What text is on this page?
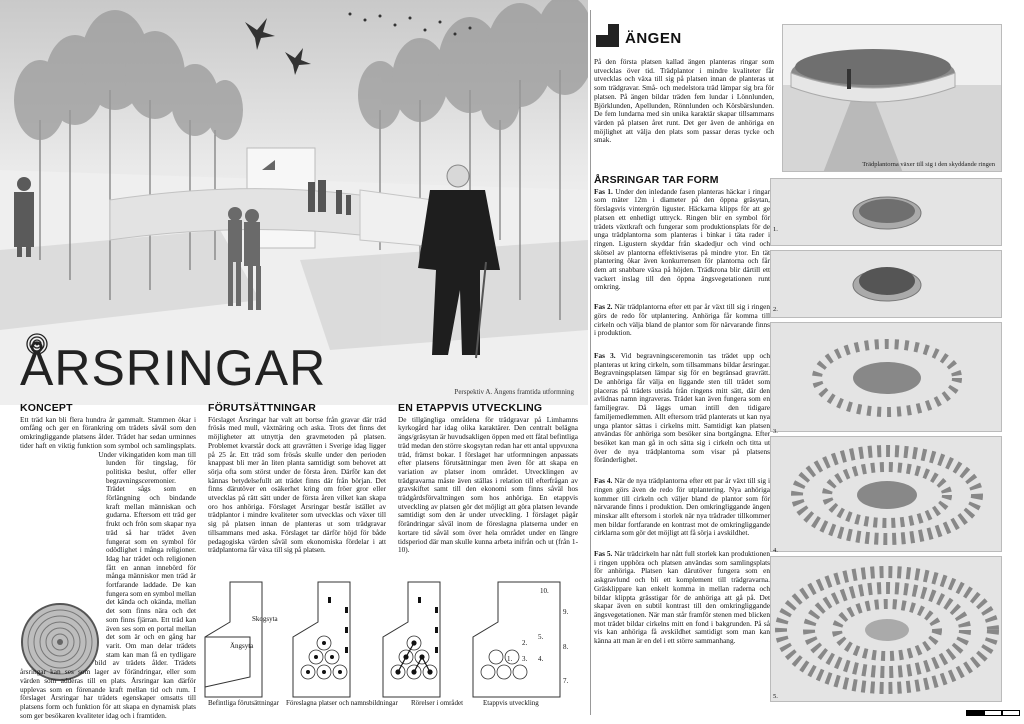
Perspektiv A. Ängens framtida utformning
ÅRSRINGAR
KONCEPT
Ett träd kan bli flera hundra år gammalt. Stammen ökar i omfång och ger en förankring om trädets såväl som den omkringliggande platsens ålder. Trädet har sedan urminnes tider haft en viktig funktion som symbol och samlingsplats. Under vikingatiden kom man till lunden för tingslag, för politiska beslut, offer eller begravningsceremonier. Trädet sågs som en förlängning och bindande kraft mellan människan och gudarna. Eftersom ett träd ger frukt och frön som skapar nya träd så har trädet även fungerat som en symbol för odödlighet i många religioner. Idag har trädet och religionen fått en annan innebörd för många människor men träd är fortfarande laddade. De kan fungera som en symbol mellan det kända och okända, mellan det som finns nära och det som finns fjärran. Ett träd kan även ses som en portal mellan det som är och en gång har varit. Om man delar trädets stam kan man få en tydligare bild av trädets ålder. Trädets årsringar kan ses som lager av förändringar, eller som värden som adderas till en plats. Årsringar kan därför upplevas som en förenande kraft mellan tid och rum. I förslaget Årsringar har trädets egenskaper omsatts till platsens form och funktion för att skapa en dynamisk plats som ger besökaren kvaliteter idag och i framtiden.
FÖRUTSÄTTNINGAR
Förslaget Årsringar har valt att bortse från gravar där träd frösås med mull, växtnäring och aska. Trots det finns det möjligheter att utnyttja den gravmetoden på platsen. Problemet kvarstår dock att gravrätten i Sverige idag ligger på 25 år. Ett träd som frösås skulle under den perioden knappast bli mer än liten planta samtidigt som behovet att sörja ofta som störst under de första åren. Därför kan det kännas betydelsefullt att trädet finns där från början. Det finns därutöver en osäkerhet kring om fröer gror eller utvecklas på rätt sätt under de första åren vilket kan skapa oro hos anhöriga. Förslaget Årsringar består istället av trädplantor i mindre kvaliteter som utvecklas och växer till sig på platsen innan de planteras ut som trädgravar tillsammans med aska. Förslaget tar därför höjd för både pedagogiska värden såväl som ekonomiska fördelar i att trädplantorna får växa till sig på platsen.
EN ETAPPVIS UTVECKLING
De tillgängliga områdena för trädgravar på Limhamns kyrkogård har idag olika karaktärer. Den centralt belägna ängs/gräsytan är huvudsakligen öppen med ett fåtal befintliga träd medan den större skogsytan redan har ett antal uppvuxna träd, främst bokar. I förslaget har utformningen anpassats efter platsens förutsättningar men även för att skapa en variation av platser inom området. Utvecklingen av trädgravarna måste även ställas i relation till efterfrågan av gravskiftet samt till den ekonomi som finns såväl hos trädgårdsförvaltningen som hos anhöriga. En etappvis utveckling av platsen gör det möjligt att göra platsen levande samtidigt som den är under utveckling. I förslaget pågår förändringar såväl inom de föreslagna platserna under en kortare tid såväl som över hela området under en längre tidsperiod där man skulle kunna arbeta inifrån och ut (från 1-10).
Skogsyta
Ängsyta
10.
9.
8.
7.
5.
2.
1. 3. 4.
Befintliga förutsättningar Föreslagna platser och namnsbildningar Rörelser i området	Etappvis utveckling
ÄNGEN
På den första platsen kallad ängen planteras ringar som utvecklas över tid. Trädplantor i mindre kvaliteter får utvecklas och växa till sig på platsen innan de planteras ut som trädgravar. Små- och medelstora träd lämpar sig bra för platsen. På ängen bildar träden fem lundar i Lönnlunden, Björklunden, Apellunden, Rönnlunden och Körsbärslunden. De fem lundarna med sin unika karaktär skapar tillsammans värden på platsen året runt. Det ger även de anhöriga en möjlighet att välja den plats som passar deras tycke och smak.
Trädplantorna växer till sig i den skyddande ringen
ÅRSRINGAR TAR FORM

Fas 1. Under den inledande fasen planteras häckar i ringar som mäter 12m i diameter på den öppna gräsytan, förslagsvis vintergrön liguster. Häckarna klipps för att ge platsen ett enhetligt uttryck. Ringen blir en symbol för trädets växtkraft och fungerar som produktionsplats för de unga trädplantorna som planteras i binkar i täta rader i ringen. Ligustern skyddar från skadedjur och vind och skötsel av plantorna effektiviseras på mindre ytor. En tät plantering ökar även konkurrensen för plantorna och får dem att snabbare växa på höjden. Trädkrona blir därtill ett vackert inslag till den öppna ängsvegetationen runt omkring.

Fas 2. När trädplantorna efter ett par år växt till sig i ringen görs de redo för utplantering. Anhöriga får komma till cirkeln och välja bland de plantor som för närvarande finns i produktion.

Fas 3. Vid begravningsceremonin tas trädet upp och planteras ut kring cirkeln, som tillsammans bildar årsringar. Begravningsplatsen lämpar sig för en begränsad gravrätt. De anhöriga får välja en liggande sten till trädet som placeras på trädets utsida från ringens mitt sätt, där den avlidnas namn ingraveras. Trädet kan även fungera som en familjegrav. Då läggs urnan intill den tidigare familjemedlemmen. Allt eftersom träd planterats ut kan nya unga plantor sättas i cirkelns mitt. Samtidigt kan platsen användas för anhöriga som besöker sina bortgångna. Efter besöket kan man gå in och sätta sig i cirkeln och titta ut över de nya trädplantorna som visar på platsens föränderlighet.

Fas 4. När de nya trädplantorna efter ett par år växt till sig i ringen görs även de redo för utplantering. Nya anhöriga kommer till cirkeln och väljer bland de plantor som för närvarande finns i produktion. Den omkringliggande ängen minskar allt eftersom i storlek när nya trädrader tillkommer men bildar fortfarande en kontrast mot de omkringliggande cirklarna som gör det möjligt att få sörja i avskildhet.

Fas 5. När trädcirkeln har nått full storlek kan produktionen i ringen upphöra och platsen användas som samlingsplats för anhöriga. Platsen kan därutöver fungera som en askgravlund och bli ett komplement till trädgravarna. Gräsklippare kan enkelt komma in mellan raderna och bildar klippta grässtigar för de anhöriga att gå på. Det skapar även en subtil kontrast till den omkringliggande ängsvegetationen. När man står framför stenen med blicken mot trädet bildar cirkelns mitt en fond i bakgrunden. På så vis kan anhöriga få avskildhet samtidigt som man kan känna att man är en del i ett större sammanhang.

1.
2.
3.
4.
5.
